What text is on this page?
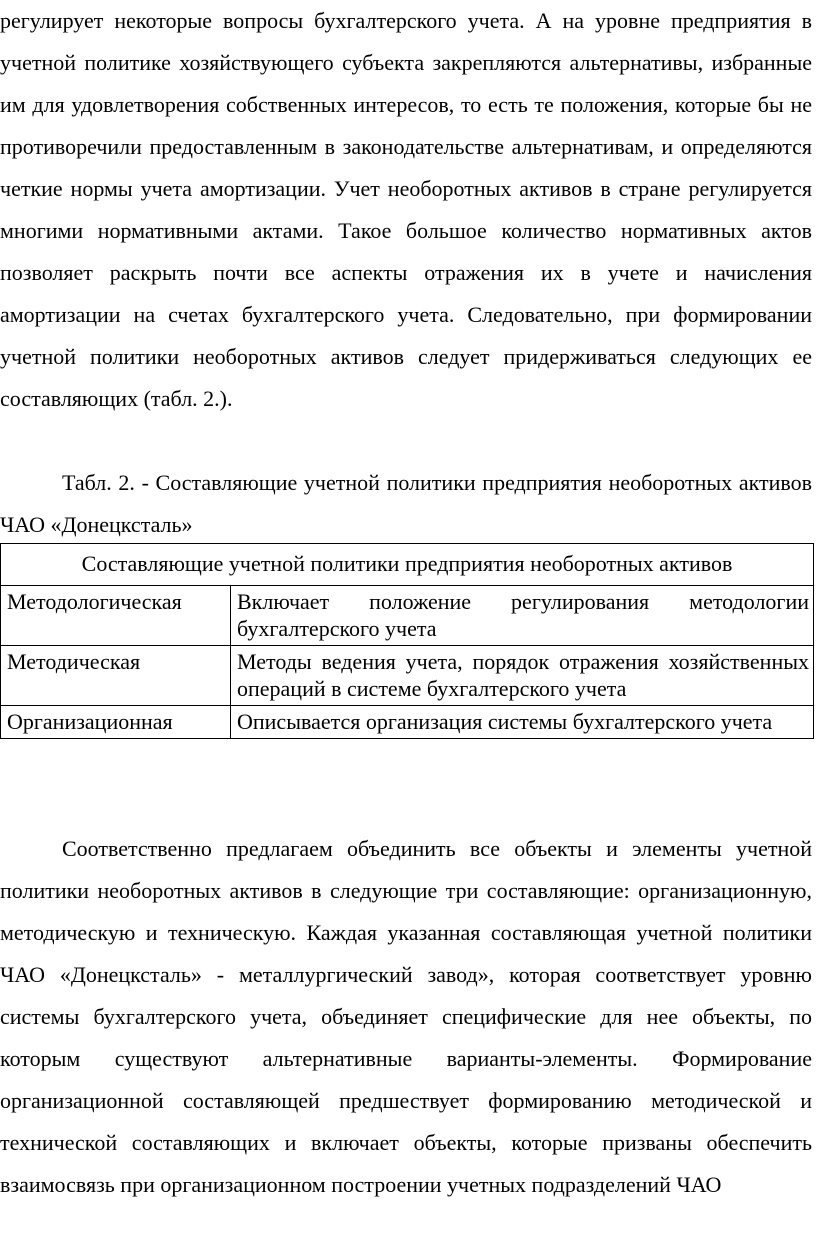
регулирует некоторые вопросы бухгалтерского учета. А на уровне предприятия в учетной политике хозяйствующего субъекта закрепляются альтернативы, избранные им для удовлетворения собственных интересов, то есть те положения, которые бы не противоречили предоставленным в законодательстве альтернативам, и определяются четкие нормы учета амортизации. Учет необоротных активов в стране регулируется многими нормативными актами. Такое большое количество нормативных актов позволяет раскрыть почти все аспекты отражения их в учете и начисления амортизации на счетах бухгалтерского учета. Следовательно, при формировании учетной политики необоротных активов следует придерживаться следующих ее составляющих (табл. 2.).

Табл. 2. - Составляющие учетной политики предприятия необоротных активов ЧАО «Донецксталь»

Составляющие учетной политики предприятия необоротных активов	
Методологическая	Включает положение регулирования методологии бухгалтерского учета
Методическая	Методы ведения учета, порядок отражения хозяйственных операций в системе бухгалтерского учета
Организационная	Описывается организация системы бухгалтерского учета

Соответственно предлагаем объединить все объекты и элементы учетной политики необоротных активов в следующие три составляющие: организационную, методическую и техническую. Каждая указанная составляющая учетной политики ЧАО «Донецксталь» - металлургический завод», которая соответствует уровню системы бухгалтерского учета, объединяет специфические для нее объекты, по которым существуют альтернативные варианты-элементы. Формирование организационной составляющей предшествует формированию методической и технической составляющих и включает объекты, которые призваны обеспечить взаимосвязь при организационном построении учетных подразделений ЧАО
